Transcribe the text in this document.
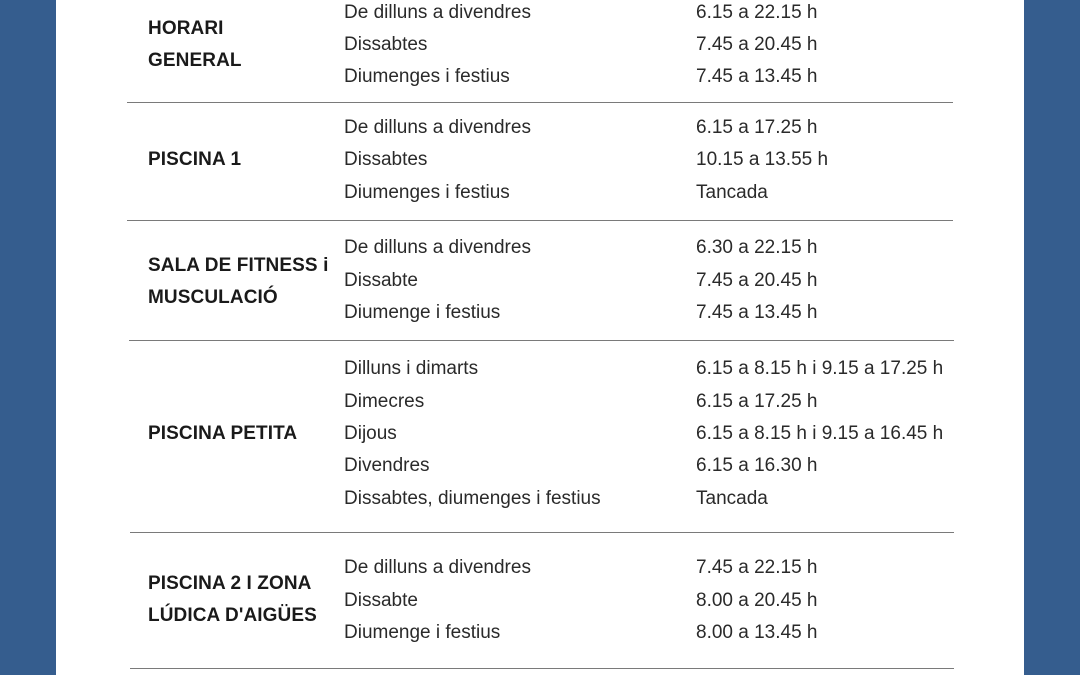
HORARI
GENERAL
De dilluns a divendres	6.15 a 22.15 h
Dissabtes	7.45 a 20.45 h
Diumenges i festius	7.45 a 13.45 h
PISCINA 1
De dilluns a divendres	6.15 a 17.25 h
Dissabtes	10.15 a 13.55 h
Diumenges i festius	Tancada
SALA DE FITNESS i
MUSCULACIÓ
De dilluns a divendres	6.30 a 22.15 h
Dissabte	7.45 a 20.45 h
Diumenge i festius	7.45 a 13.45 h
PISCINA PETITA
Dilluns i dimarts	6.15 a 8.15 h i 9.15 a 17.25 h
Dimecres	6.15 a 17.25 h
Dijous	6.15 a 8.15 h i 9.15 a 16.45 h
Divendres	6.15 a 16.30 h
Dissabtes, diumenges i festius	Tancada
PISCINA 2 I ZONA
LÚDICA D'AIGÜES
De dilluns a divendres	7.45 a 22.15 h
Dissabte	8.00 a 20.45 h
Diumenge i festius	8.00 a 13.45 h
